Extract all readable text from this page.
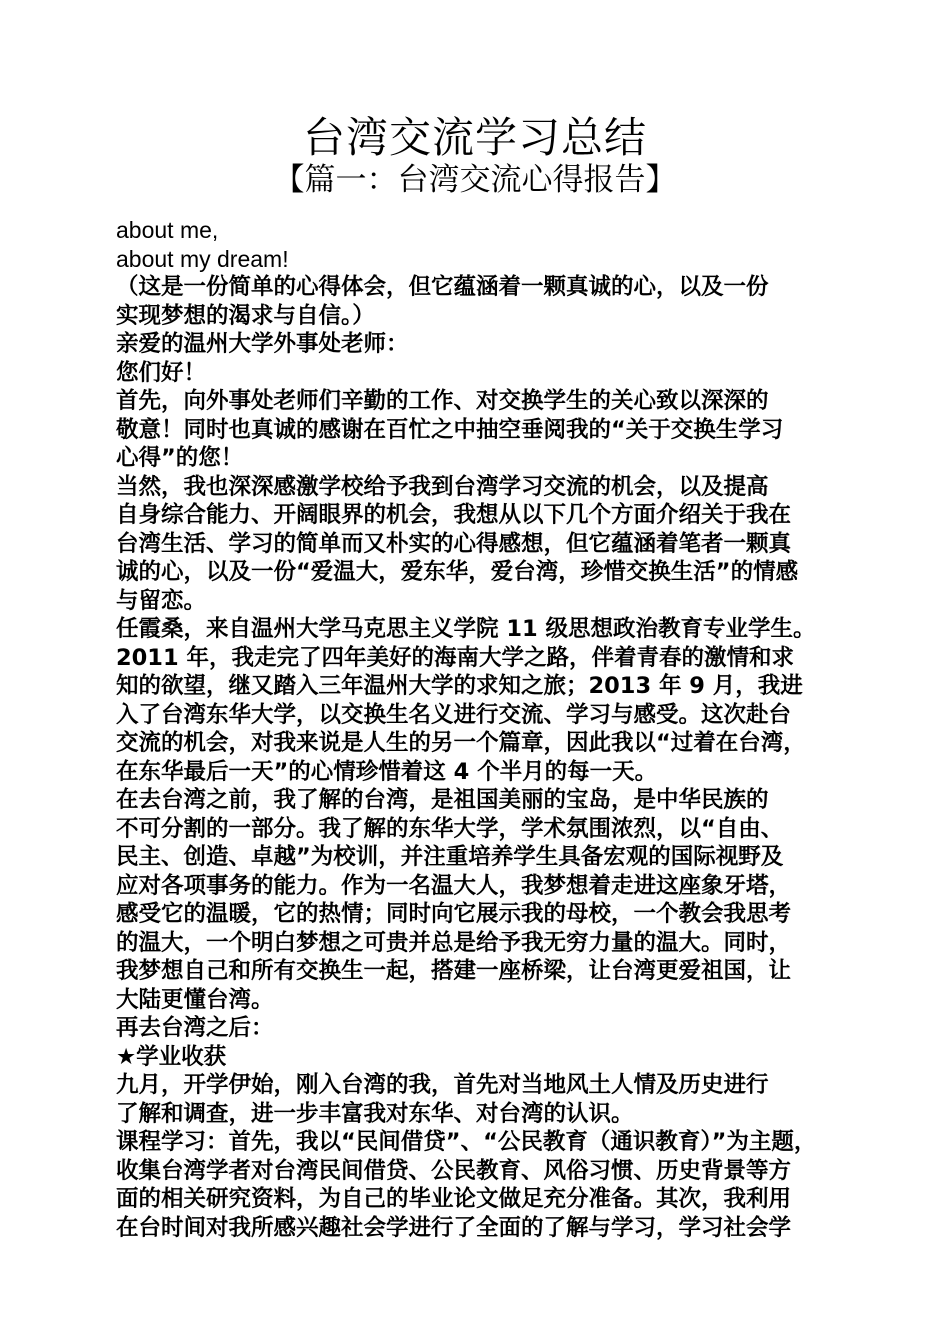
台湾交流学习总结
【篇一：台湾交流心得报告】
about me,
about my dream!
（这是一份简单的心得体会，但它蕴涵着一颗真诚的心，以及一份
实现梦想的渴求与自信。）
亲爱的温州大学外事处老师：
您们好！
首先，向外事处老师们辛勤的工作、对交换学生的关心致以深深的
敬意！同时也真诚的感谢在百忙之中抽空垂阅我的“关于交换生学习
心得”的您！
当然，我也深深感激学校给予我到台湾学习交流的机会，以及提高
自身综合能力、开阔眼界的机会，我想从以下几个方面介绍关于我在
台湾生活、学习的简单而又朴实的心得感想，但它蕴涵着笔者一颗真
诚的心，以及一份“爱温大，爱东华，爱台湾，珍惜交换生活”的情感
与留恋。
任霞桑，来自温州大学马克思主义学院 11 级思想政治教育专业学生。
2011 年，我走完了四年美好的海南大学之路，伴着青春的激情和求
知的欲望，继又踏入三年温州大学的求知之旅；2013 年 9 月，我进
入了台湾东华大学，以交换生名义进行交流、学习与感受。这次赴台
交流的机会，对我来说是人生的另一个篇章，因此我以“过着在台湾，
在东华最后一天”的心情珍惜着这 4 个半月的每一天。
在去台湾之前，我了解的台湾，是祖国美丽的宝岛，是中华民族的
不可分割的一部分。我了解的东华大学，学术氛围浓烈，以“自由、
民主、创造、卓越”为校训，并注重培养学生具备宏观的国际视野及
应对各项事务的能力。作为一名温大人，我梦想着走进这座象牙塔，
感受它的温暖，它的热情；同时向它展示我的母校，一个教会我思考
的温大，一个明白梦想之可贵并总是给予我无穷力量的温大。同时，
我梦想自己和所有交换生一起，搭建一座桥梁，让台湾更爱祖国，让
大陆更懂台湾。
再去台湾之后：
★学业收获
九月，开学伊始，刚入台湾的我，首先对当地风土人情及历史进行
了解和调查，进一步丰富我对东华、对台湾的认识。
课程学习：首先，我以“民间借贷”、“公民教育（通识教育）”为主题，
收集台湾学者对台湾民间借贷、公民教育、风俗习惯、历史背景等方
面的相关研究资料，为自己的毕业论文做足充分准备。其次，我利用
在台时间对我所感兴趣社会学进行了全面的了解与学习，学习社会学
